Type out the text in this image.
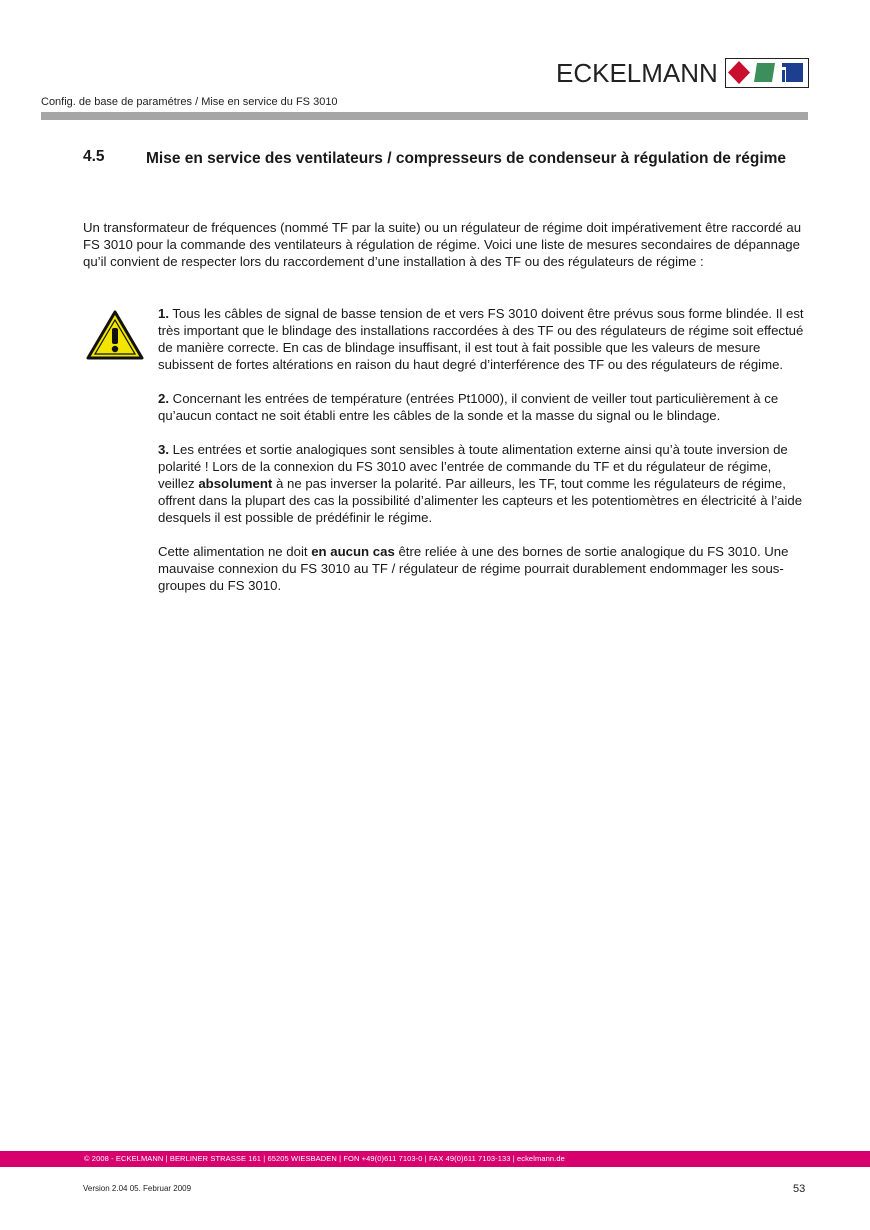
ECKELMANN
Config. de base de paramétres / Mise en service du FS 3010
4.5	Mise en service des ventilateurs / compresseurs de condenseur à régulation de régime
Un transformateur de fréquences (nommé TF par la suite) ou un régulateur de régime doit impérativement être raccordé au FS 3010 pour la commande des ventilateurs à régulation de régime. Voici une liste de mesures secondaires de dépannage qu’il convient de respecter lors du raccordement d’une installation à des TF ou des régulateurs de régime :

1. Tous les câbles de signal de basse tension de et vers FS 3010 doivent être prévus sous forme blindée. Il est très important que le blindage des installations raccordées à des TF ou des régulateurs de régime soit effectué de manière correcte. En cas de blindage insuffisant, il est tout à fait possible que les valeurs de mesure subissent de fortes altérations en raison du haut degré d’interférence des TF ou des régulateurs de régime.

2. Concernant les entrées de température (entrées Pt1000), il convient de veiller tout particulièrement à ce qu’aucun contact ne soit établi entre les câbles de la sonde et la masse du signal ou le blindage.

3. Les entrées et sortie analogiques sont sensibles à toute alimentation externe ainsi qu’à toute inversion de polarité ! Lors de la connexion du FS 3010 avec l’entrée de commande du TF et du régulateur de régime, veillez absolument à ne pas inverser la polarité. Par ailleurs, les TF, tout comme les régulateurs de régime, offrent dans la plupart des cas la possibilité d’alimenter les capteurs et les potentiomètres en électricité à l’aide desquels il est possible de prédéfinir le régime.

Cette alimentation ne doit en aucun cas être reliée à une des bornes de sortie analogique du FS 3010. Une mauvaise connexion du FS 3010 au TF / régulateur de régime pourrait durablement endommager les sous-groupes du FS 3010.

© 2008 - ECKELMANN | BERLINER STRASSE 161 | 65205 WIESBADEN | FON +49(0)611 7103-0 | FAX 49(0)611 7103-133 | eckelmann.de
Version 2.04 05. Februar 2009	53
